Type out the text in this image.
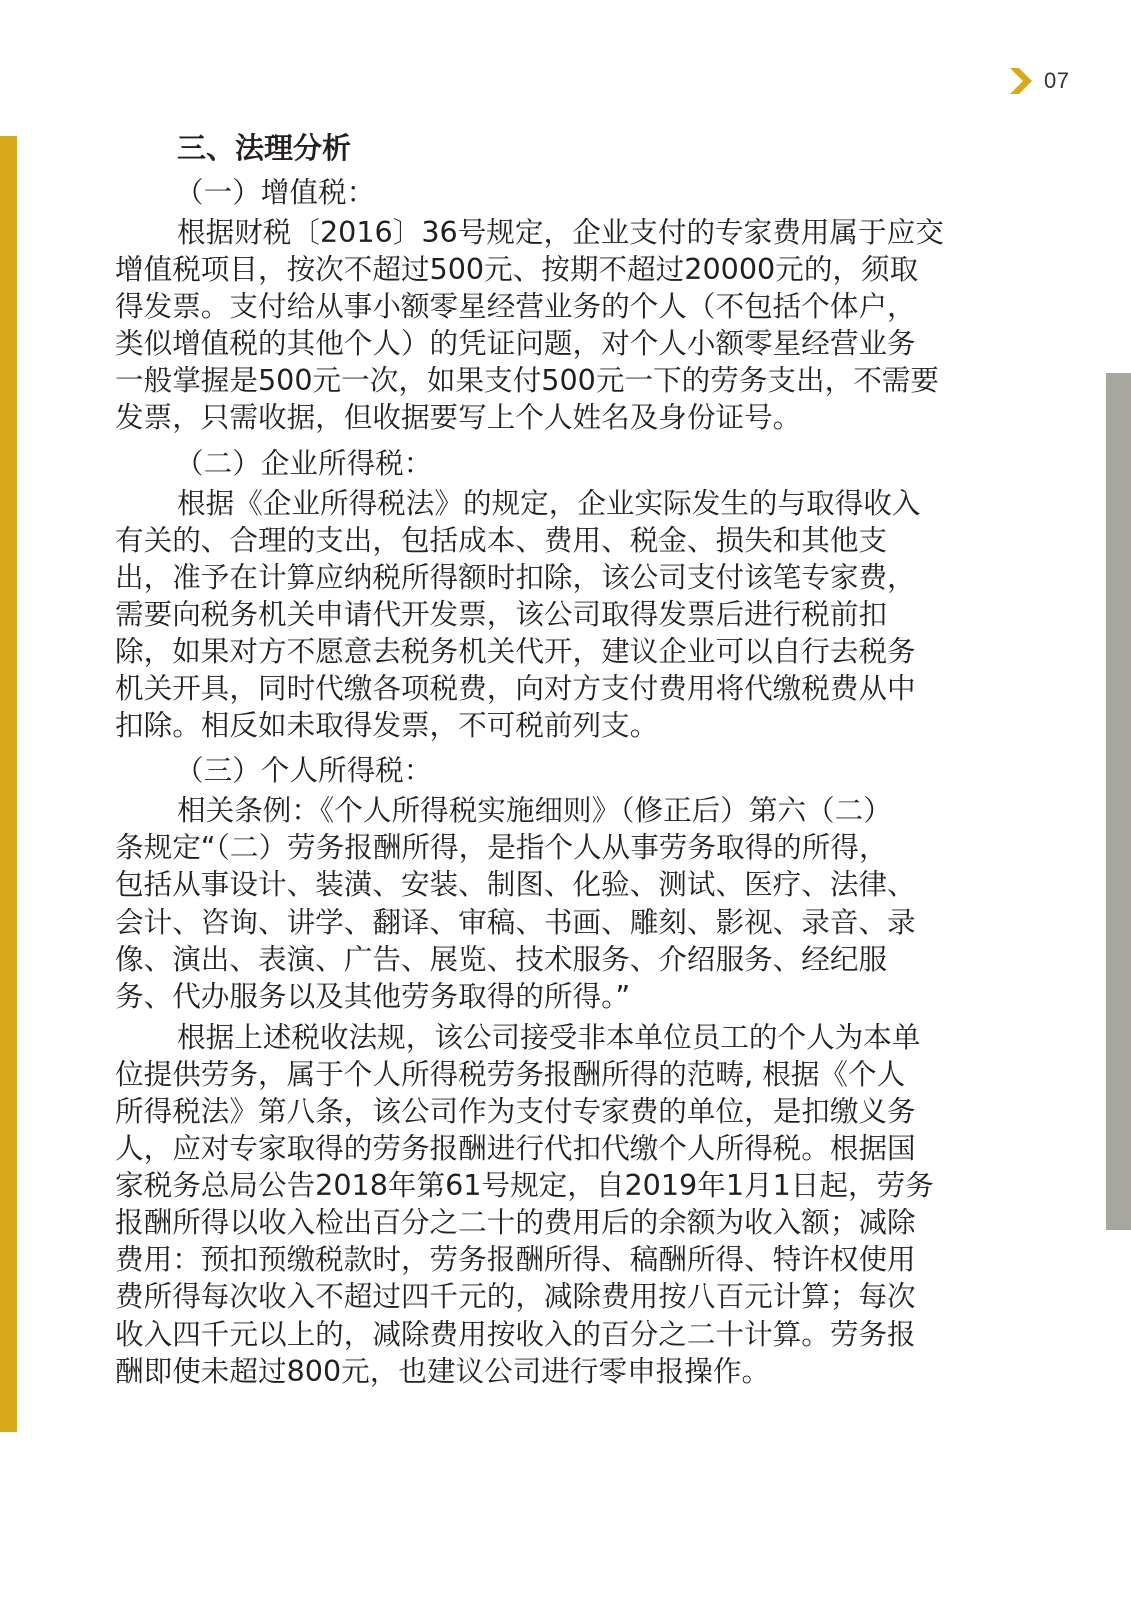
07
三、法理分析
（一）增值税：
根据财税〔2016〕36号规定，企业支付的专家费用属于应交
增值税项目，按次不超过500元、按期不超过20000元的，须取
得发票。支付给从事小额零星经营业务的个人（不包括个体户，
类似增值税的其他个人）的凭证问题，对个人小额零星经营业务
一般掌握是500元一次，如果支付500元一下的劳务支出，不需要
发票，只需收据，但收据要写上个人姓名及身份证号。
（二）企业所得税：
根据《企业所得税法》的规定，企业实际发生的与取得收入
有关的、合理的支出，包括成本、费用、税金、损失和其他支
出，准予在计算应纳税所得额时扣除，该公司支付该笔专家费，
需要向税务机关申请代开发票，该公司取得发票后进行税前扣
除，如果对方不愿意去税务机关代开，建议企业可以自行去税务
机关开具，同时代缴各项税费，向对方支付费用将代缴税费从中
扣除。相反如未取得发票，不可税前列支。
（三）个人所得税：
相关条例：《个人所得税实施细则》（修正后）第六（二）
条规定“（二）劳务报酬所得，是指个人从事劳务取得的所得，
包括从事设计、装潢、安装、制图、化验、测试、医疗、法律、
会计、咨询、讲学、翻译、审稿、书画、雕刻、影视、录音、录
像、演出、表演、广告、展览、技术服务、介绍服务、经纪服
务、代办服务以及其他劳务取得的所得。”
根据上述税收法规，该公司接受非本单位员工的个人为本单
位提供劳务，属于个人所得税劳务报酬所得的范畴, 根据《个人
所得税法》第八条，该公司作为支付专家费的单位，是扣缴义务
人，应对专家取得的劳务报酬进行代扣代缴个人所得税。根据国
家税务总局公告2018年第61号规定，自2019年1月1日起，劳务
报酬所得以收入检出百分之二十的费用后的余额为收入额；减除
费用：预扣预缴税款时，劳务报酬所得、稿酬所得、特许权使用
费所得每次收入不超过四千元的，减除费用按八百元计算；每次
收入四千元以上的，减除费用按收入的百分之二十计算。劳务报
酬即使未超过800元，也建议公司进行零申报操作。
